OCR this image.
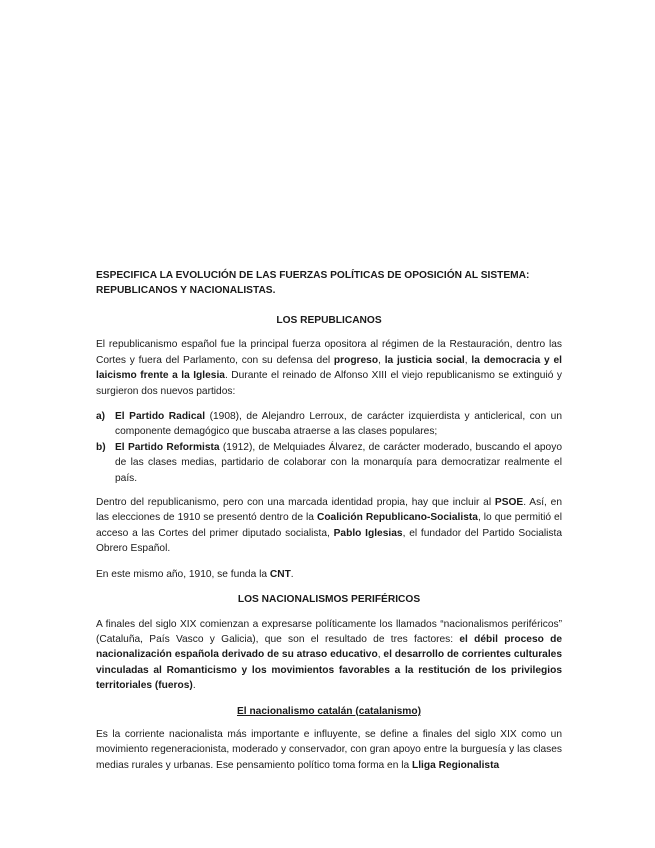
ESPECIFICA LA EVOLUCIÓN DE LAS FUERZAS POLÍTICAS DE OPOSICIÓN AL SISTEMA:
REPUBLICANOS Y NACIONALISTAS.
LOS REPUBLICANOS

El republicanismo español fue la principal fuerza opositora al régimen de la Restauración, dentro las Cortes y fuera del Parlamento, con su defensa del progreso, la justicia social, la democracia y el laicismo frente a la Iglesia. Durante el reinado de Alfonso XIII el viejo republicanismo se extinguió y surgieron dos nuevos partidos:

a) El Partido Radical (1908), de Alejandro Lerroux, de carácter izquierdista y anticlerical, con un componente demagógico que buscaba atraerse a las clases populares;
b) El Partido Reformista (1912), de Melquiades Álvarez, de carácter moderado, buscando el apoyo de las clases medias, partidario de colaborar con la monarquía para democratizar realmente el país.

Dentro del republicanismo, pero con una marcada identidad propia, hay que incluir al PSOE. Así, en las elecciones de 1910 se presentó dentro de la Coalición Republicano-Socialista, lo que permitió el acceso a las Cortes del primer diputado socialista, Pablo Iglesias, el fundador del Partido Socialista Obrero Español.

En este mismo año, 1910, se funda la CNT.

LOS NACIONALISMOS PERIFÉRICOS

A finales del siglo XIX comienzan a expresarse políticamente los llamados “nacionalismos periféricos” (Cataluña, País Vasco y Galicia), que son el resultado de tres factores: el débil proceso de nacionalización española derivado de su atraso educativo, el desarrollo de corrientes culturales vinculadas al Romanticismo y los movimientos favorables a la restitución de los privilegios territoriales (fueros).

El nacionalismo catalán (catalanismo)

Es la corriente nacionalista más importante e influyente, se define a finales del siglo XIX como un movimiento regeneracionista, moderado y conservador, con gran apoyo entre la burguesía y las clases medias rurales y urbanas. Ese pensamiento político toma forma en la Lliga Regionalista
